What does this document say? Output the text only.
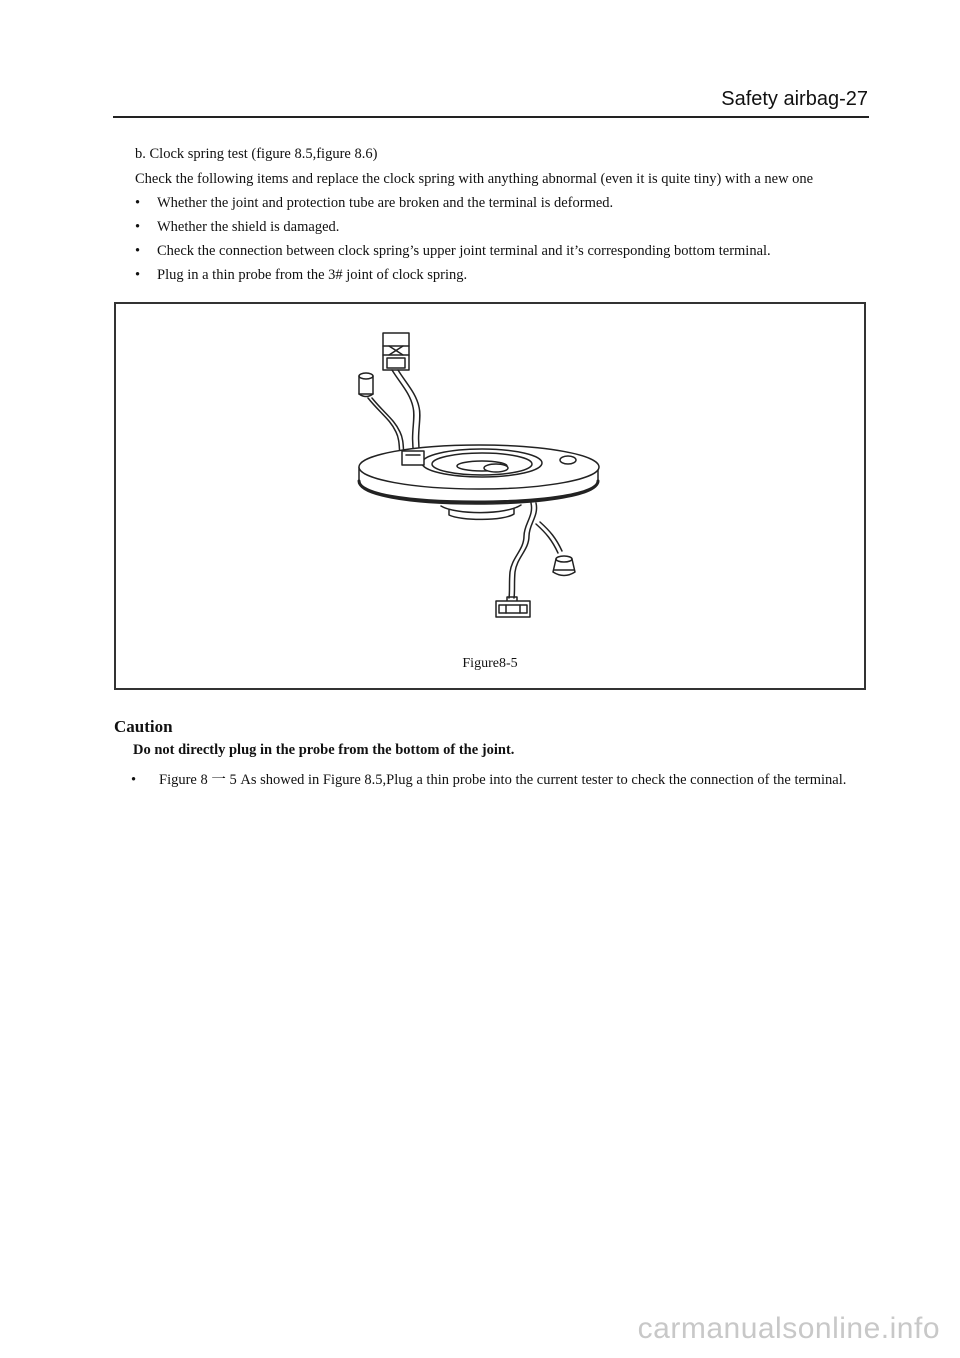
Safety airbag-27
b. Clock spring test (figure 8.5,figure 8.6)
Check the following items and replace the clock spring with anything abnormal (even it is quite tiny) with a new one
• Whether the joint and protection tube are broken and the terminal is deformed.
• Whether the shield is damaged.
• Check the connection between clock spring’s upper joint terminal and it’s corresponding bottom terminal.
• Plug in a thin probe from the 3# joint of clock spring.
Figure8-5
Caution
Do not directly plug in the probe from the bottom of the joint.
• Figure 8 一 5 As showed in Figure 8.5,Plug a thin probe into the current tester to check the connection of the terminal.
carmanualsonline.info
